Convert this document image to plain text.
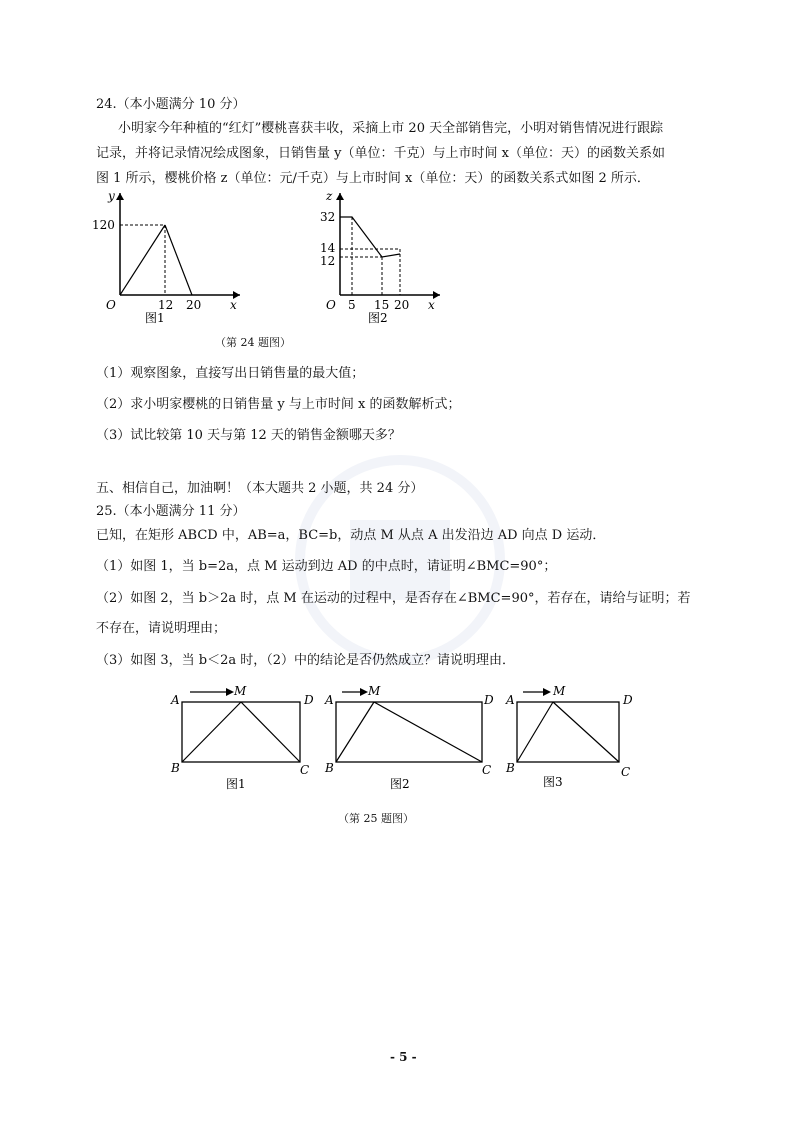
24.（本小题满分 10 分）
小明家今年种植的“红灯”樱桃喜获丰收，采摘上市 20 天全部销售完，小明对销售情况进行跟踪
记录，并将记录情况绘成图象，日销售量 y（单位：千克）与上市时间 x（单位：天）的函数关系如
图 1 所示，樱桃价格 z（单位：元/千克）与上市时间 x（单位：天）的函数关系式如图 2 所示．
y
x
O
120
12 20
图1
z
x
O
32
14
12
5 15 20
图2
（第 24 题图）
（1）观察图象，直接写出日销售量的最大值；
（2）求小明家樱桃的日销售量 y 与上市时间 x 的函数解析式；
（3）试比较第 10 天与第 12 天的销售金额哪天多？
五、相信自己，加油啊！（本大题共 2 小题，共 24 分）
25.（本小题满分 11 分）
已知，在矩形 ABCD 中，AB=a，BC=b，动点 M 从点 A 出发沿边 AD 向点 D 运动．
（1）如图 1，当 b=2a，点 M 运动到边 AD 的中点时，请证明∠BMC=90°；
（2）如图 2，当 b＞2a 时，点 M 在运动的过程中，是否存在∠BMC=90°，若存在，请给与证明；若
不存在，请说明理由；
（3）如图 3，当 b＜2a 时，（2）中的结论是否仍然成立？请说明理由．
A
M
D
B	C
图1
A
M
D
B	C
图2
A
M
D
B	C
图3
（第 25 题图）
- 5 -
